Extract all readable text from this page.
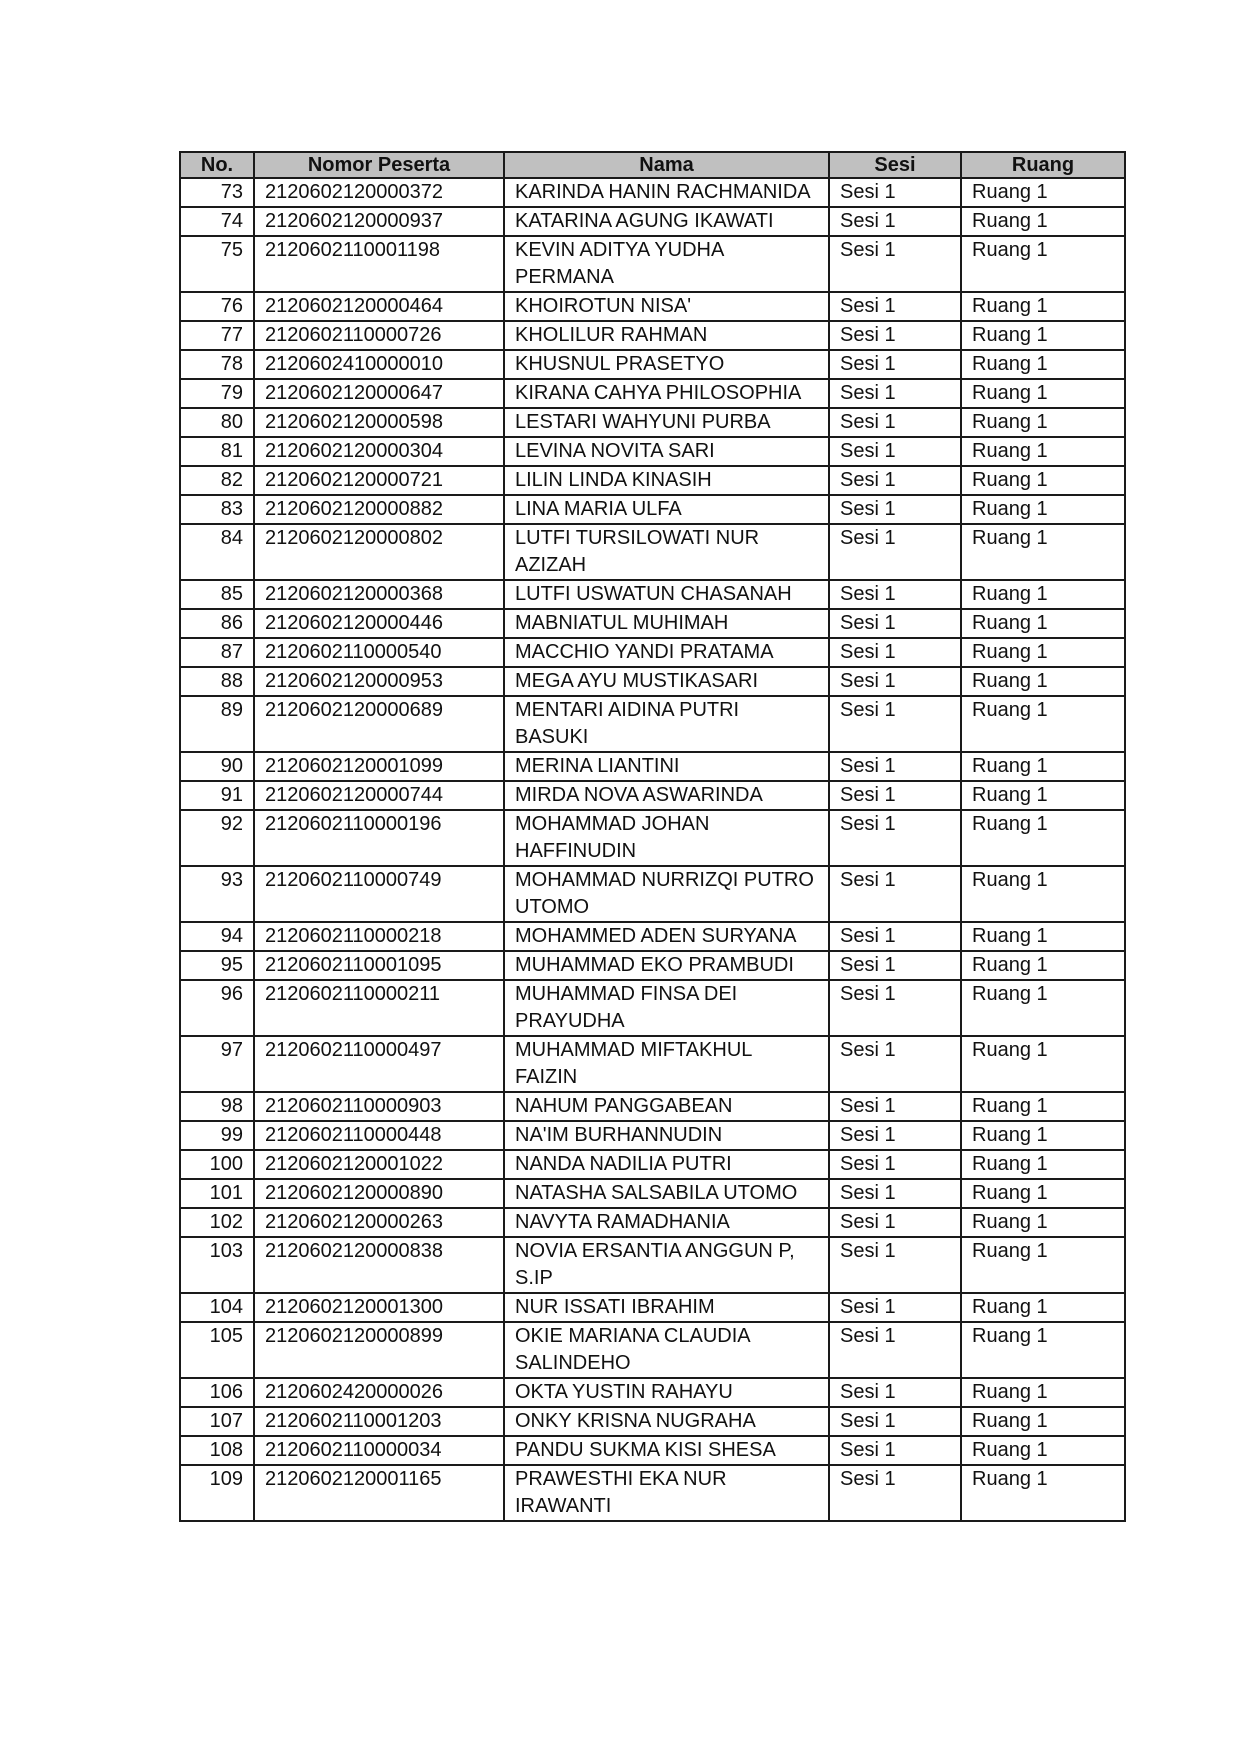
No.	Nomor Peserta	Nama	Sesi	Ruang
73	2120602120000372	KARINDA HANIN RACHMANIDA	Sesi 1	Ruang 1
74	2120602120000937	KATARINA AGUNG IKAWATI	Sesi 1	Ruang 1
75	2120602110001198	KEVIN ADITYA YUDHA PERMANA	Sesi 1	Ruang 1
76	2120602120000464	KHOIROTUN NISA'	Sesi 1	Ruang 1
77	2120602110000726	KHOLILUR RAHMAN	Sesi 1	Ruang 1
78	2120602410000010	KHUSNUL PRASETYO	Sesi 1	Ruang 1
79	2120602120000647	KIRANA CAHYA PHILOSOPHIA	Sesi 1	Ruang 1
80	2120602120000598	LESTARI WAHYUNI PURBA	Sesi 1	Ruang 1
81	2120602120000304	LEVINA NOVITA SARI	Sesi 1	Ruang 1
82	2120602120000721	LILIN LINDA KINASIH	Sesi 1	Ruang 1
83	2120602120000882	LINA MARIA ULFA	Sesi 1	Ruang 1
84	2120602120000802	LUTFI TURSILOWATI NUR AZIZAH	Sesi 1	Ruang 1
85	2120602120000368	LUTFI USWATUN CHASANAH	Sesi 1	Ruang 1
86	2120602120000446	MABNIATUL MUHIMAH	Sesi 1	Ruang 1
87	2120602110000540	MACCHIO YANDI PRATAMA	Sesi 1	Ruang 1
88	2120602120000953	MEGA AYU MUSTIKASARI	Sesi 1	Ruang 1
89	2120602120000689	MENTARI AIDINA PUTRI BASUKI	Sesi 1	Ruang 1
90	2120602120001099	MERINA LIANTINI	Sesi 1	Ruang 1
91	2120602120000744	MIRDA NOVA ASWARINDA	Sesi 1	Ruang 1
92	2120602110000196	MOHAMMAD JOHAN HAFFINUDIN	Sesi 1	Ruang 1
93	2120602110000749	MOHAMMAD NURRIZQI PUTRO UTOMO	Sesi 1	Ruang 1
94	2120602110000218	MOHAMMED ADEN SURYANA	Sesi 1	Ruang 1
95	2120602110001095	MUHAMMAD EKO PRAMBUDI	Sesi 1	Ruang 1
96	2120602110000211	MUHAMMAD FINSA DEI PRAYUDHA	Sesi 1	Ruang 1
97	2120602110000497	MUHAMMAD MIFTAKHUL FAIZIN	Sesi 1	Ruang 1
98	2120602110000903	NAHUM PANGGABEAN	Sesi 1	Ruang 1
99	2120602110000448	NA'IM BURHANNUDIN	Sesi 1	Ruang 1
100	2120602120001022	NANDA NADILIA PUTRI	Sesi 1	Ruang 1
101	2120602120000890	NATASHA SALSABILA UTOMO	Sesi 1	Ruang 1
102	2120602120000263	NAVYTA RAMADHANIA	Sesi 1	Ruang 1
103	2120602120000838	NOVIA ERSANTIA ANGGUN P, S.IP	Sesi 1	Ruang 1
104	2120602120001300	NUR ISSATI IBRAHIM	Sesi 1	Ruang 1
105	2120602120000899	OKIE MARIANA CLAUDIA SALINDEHO	Sesi 1	Ruang 1
106	2120602420000026	OKTA YUSTIN RAHAYU	Sesi 1	Ruang 1
107	2120602110001203	ONKY KRISNA NUGRAHA	Sesi 1	Ruang 1
108	2120602110000034	PANDU SUKMA KISI SHESA	Sesi 1	Ruang 1
109	2120602120001165	PRAWESTHI EKA NUR IRAWANTI	Sesi 1	Ruang 1
